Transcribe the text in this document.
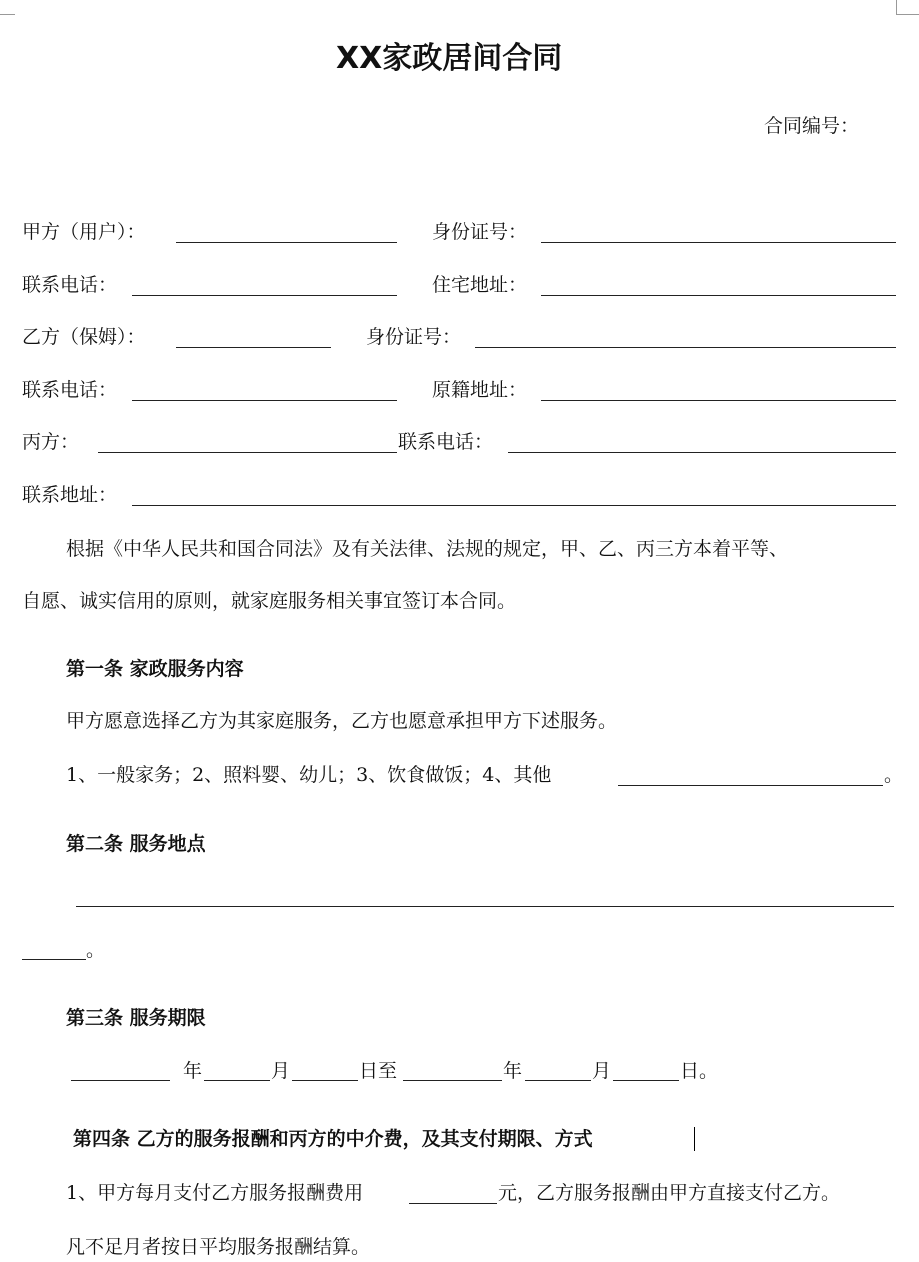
XX家政居间合同
合同编号：
甲方（用户）：	身份证号：
联系电话：	住宅地址：
乙方（保姆）：	身份证号：
联系电话：	原籍地址：
丙方：	联系电话：
联系地址：
根据《中华人民共和国合同法》及有关法律、法规的规定，甲、乙、丙三方本着平等、
自愿、诚实信用的原则，就家庭服务相关事宜签订本合同。
第一条 家政服务内容
甲方愿意选择乙方为其家庭服务，乙方也愿意承担甲方下述服务。
1、一般家务；2、照料婴、幼儿；3、饮食做饭；4、其他	。
第二条 服务地点
。
第三条 服务期限
年	月	日至	年	月	日。
第四条 乙方的服务报酬和丙方的中介费，及其支付期限、方式
1、甲方每月支付乙方服务报酬费用	元，乙方服务报酬由甲方直接支付乙方。
凡不足月者按日平均服务报酬结算。
